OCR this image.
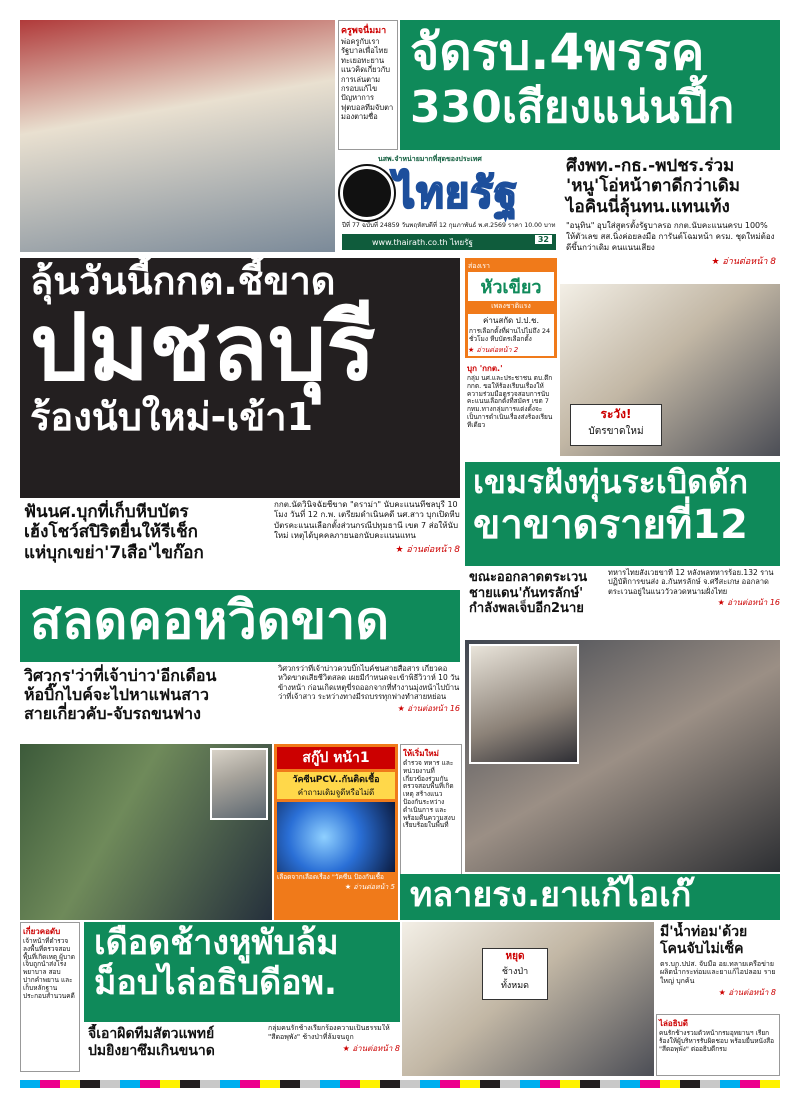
ครูพจนื่มมา
พ่อครูกับเรา รัฐบาลเพื่อไทยทะเยอทะยาน แนวคิดเกี่ยวกับการเล่นตามกรอบแก้ไขปัญหาการฟุตบอลทีมจับตามองตามชื่อ
จัดรบ.4พรรค
330เสียงแน่นปึ้ก
นสพ.จำหน่ายมากที่สุดของประเทศ
ไทยรัฐ
ปีที่ 77 ฉบับที่ 24859 วันพฤหัสบดีที่ 12 กุมภาพันธ์ พ.ศ.2569 ราคา 10.00 บาท
www.thairath.co.th ไทยรัฐ	32
ศึงพท.-กธ.-พปชร.ร่วม
'หนู'โอ่หน้าตาดีกว่าเดิม
ไอคินนี่ลุ้นทน.แทนเท้ง
"อนุทิน" อุบใส่สูตรตั้งรัฐบาลรอ กกต.นับคะแนนครบ 100% ให้ตัวเลข สส.นิ่งค่อยลงมือ การันต์โฉมหน้า ครม. ชุดใหม่ต้องดีขึ้นกว่าเดิม คนแนนเสียง
★ อ่านต่อหน้า 8
ลุ้นวันนี้กกต.ชี้ขาด
ปมชลบุรี
ร้องนับใหม่-เข้า1
ฟันนศ.บุกที่เก็บหีบบัตร
เฮ้งโชว์สปิริตยื่นให้รีเช็ก
แห่บุกเขย่า'7เสือ'ไขก๊อก
กกต.นัดวินิจฉัยชี้ขาด "ดราม่า" นับคะแนนที่ชลบุรี 10 โมง วันที่ 12 ก.พ. เตรียมดำเนินคดี นศ.สาว บุกเปิดหีบบัตรคะแนนเลือกตั้งส่วนกรณีปทุมธานี เขต 7 ส่อให้นับใหม่ เหตุได้บุคคลภายนอกนับคะแนนแทน
★ อ่านต่อหน้า 8
ส่องเรา
หัวเขียว
เพลงชาติแรง
ค่านสกัด ป.ป.ช.
การเลือกตั้งที่ผ่านไปไม่ถึง 24 ชั่วโมง หีบบัตรเลือกตั้ง
★ อ่านต่อหน้า 2
บุก 'กกต.'
กลุ่ม นศ.และประชาชน ตบ.ตึก กกต. ขอให้ร้องเรียนเรื่องให้ความร่วมมือตรวจสอบการนับคะแนนเลือกตั้งที่สมัคร เขต 7 กทม.ทางกลุ่มการแต่งตั้งจะเป็นการดำเนินเรื่องส่งร้องเรียนทีเดียว
ระวัง!
บัตรขาดใหม่
เขมรฝังทุ่นระเบิดดัก
ขาขาดรายที่12
ขณะออกลาดตระเวน
ชายแดน'กันทรลักษ์'
กำลังพลเจ็บอีก2นาย
ทหารไทยสังเวยขาที่ 12 หลังพลทหารร้อย.132 รานปฏิบัติการขนส่ง อ.กันทรลักษ์ จ.ศรีสะเกษ ออกลาดตระเวนอยู่ในแนววัวลวดหนามฝั่งไทย
★ อ่านต่อหน้า 16
สลดคอหวิดขาด
วิศวกร'ว่าที่เจ้าบ่าว'อีกเดือน
ห้อบิ๊กไบค์จะไปหาแฟนสาว
สายเกี่ยวคับ-จับรถขนฟาง
วิศวกรว่าที่เจ้าบ่าวควบบิ๊กไบค์ชนสายสื่อสาร เกี่ยวคอหวิดขาดเสียชีวิตสลด เผยมีกำหนดจะเข้าพิธีวิวาห์ 10 วันข้างหน้า ก่อนเกิดเหตุขี่รถออกจากที่ทำงานมุ่งหน้าไปบ้านว่าที่เจ้าสาว ระหว่างทางมีรถบรรทุกฟางทำสายหย่อน
★ อ่านต่อหน้า 16
สกู๊ป หน้า1
วัคซีนPCV..กันติดเชื้อ
คำถามเดิมจูดีหรือไม่ดี
เลือดจากเลือดเรื่อง "วัคซีน ป้องกันเชื้อ
★ อ่านต่อหน้า 5
ให้เริ่มใหม่
ตำรวจ ทหาร และหน่วยงานที่เกี่ยวข้องร่วมกันตรวจสอบพื้นที่เกิดเหตุ สร้างแนวป้องกันระหว่างดำเนินการ และพร้อมคืนความสงบเรียบร้อยในพื้นที่
ทลายรง.ยาแก้ไอเก๊
เกี่ยวคอดับ
เจ้าหน้าที่ตำรวจลงพื้นที่ตรวจสอบพื้นที่เกิดเหตุ ผู้บาดเจ็บถูกนำส่งโรงพยาบาล สอบปากคำพยาน และเก็บหลักฐานประกอบสำนวนคดี
เดือดช้างหูพับล้ม
ม็อบไล่อธิบดีอพ.
จี้เอาผิดทีมสัตวแพทย์
ปมยิงยาซึมเกินขนาด
กลุ่มคนรักช้างเรียกร้องความเป็นธรรมให้ "สีดอพุพัง" ช้างป่าที่ล้มจนถูก
★ อ่านต่อหน้า 8
หยุด
ช้างป่า
ทั้งหมด
มี'น้ำท่อม'ด้วย
โคนจับไม่เซ็ค
ตร.บก.ปปส. จับมือ อย.ทลายเครือข่ายผลิตน้ำกระท่อมและยาแก้ไอปลอม รายใหญ่ บุกค้น
★ อ่านต่อหน้า 8
ไล่อธิบดี
คนรักช้างรวมตัวหน้ากรมอุทยานฯ เรียกร้องให้ผู้บริหารรับผิดชอบ พร้อมยื่นหนังสือ "สีดอพุพัง" ต่ออธิบดีกรม
